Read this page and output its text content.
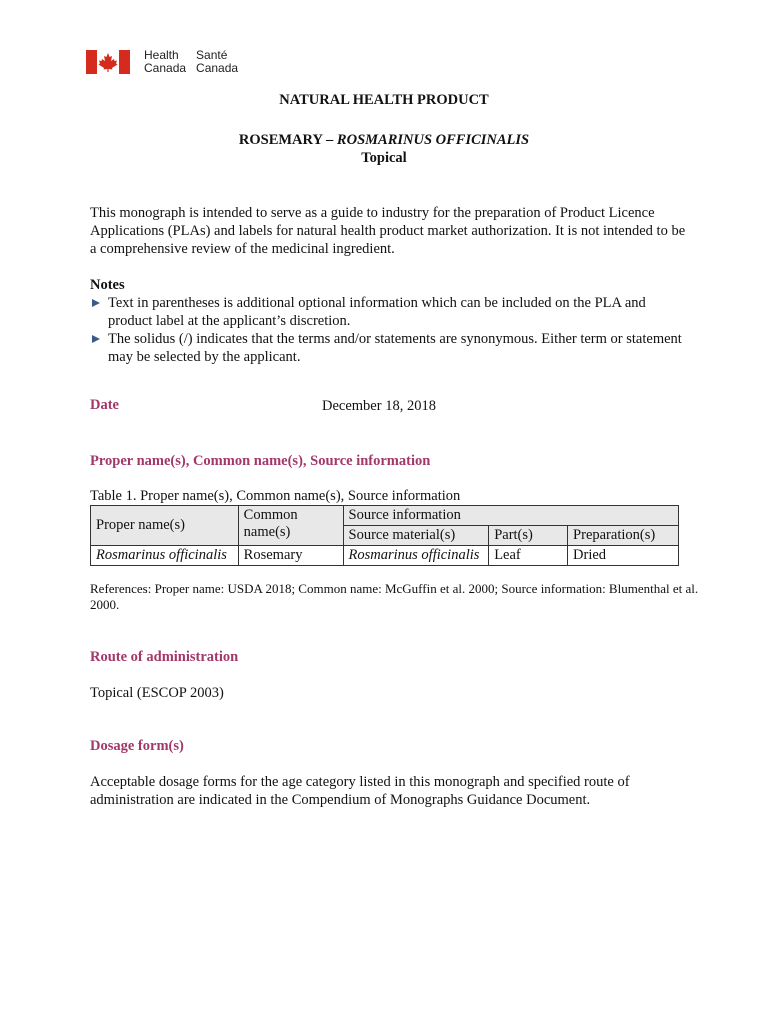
Health	Santé
Canada Canada
NATURAL HEALTH PRODUCT
ROSEMARY – ROSMARINUS OFFICINALIS
Topical
This monograph is intended to serve as a guide to industry for the preparation of Product Licence Applications (PLAs) and labels for natural health product market authorization. It is not intended to be a comprehensive review of the medicinal ingredient.
Notes
Text in parentheses is additional optional information which can be included on the PLA and product label at the applicant’s discretion.
The solidus (/) indicates that the terms and/or statements are synonymous. Either term or statement may be selected by the applicant.
Date	December 18, 2018
Proper name(s), Common name(s), Source information
Table 1. Proper name(s), Common name(s), Source information
Proper name(s)	Common name(s)	Source information		
		Source material(s)	Part(s)	Preparation(s)
Rosmarinus officinalis	Rosemary	Rosmarinus officinalis	Leaf	Dried
References: Proper name: USDA 2018; Common name: McGuffin et al. 2000; Source information: Blumenthal et al. 2000.
Route of administration
Topical (ESCOP 2003)
Dosage form(s)
Acceptable dosage forms for the age category listed in this monograph and specified route of administration are indicated in the Compendium of Monographs Guidance Document.
